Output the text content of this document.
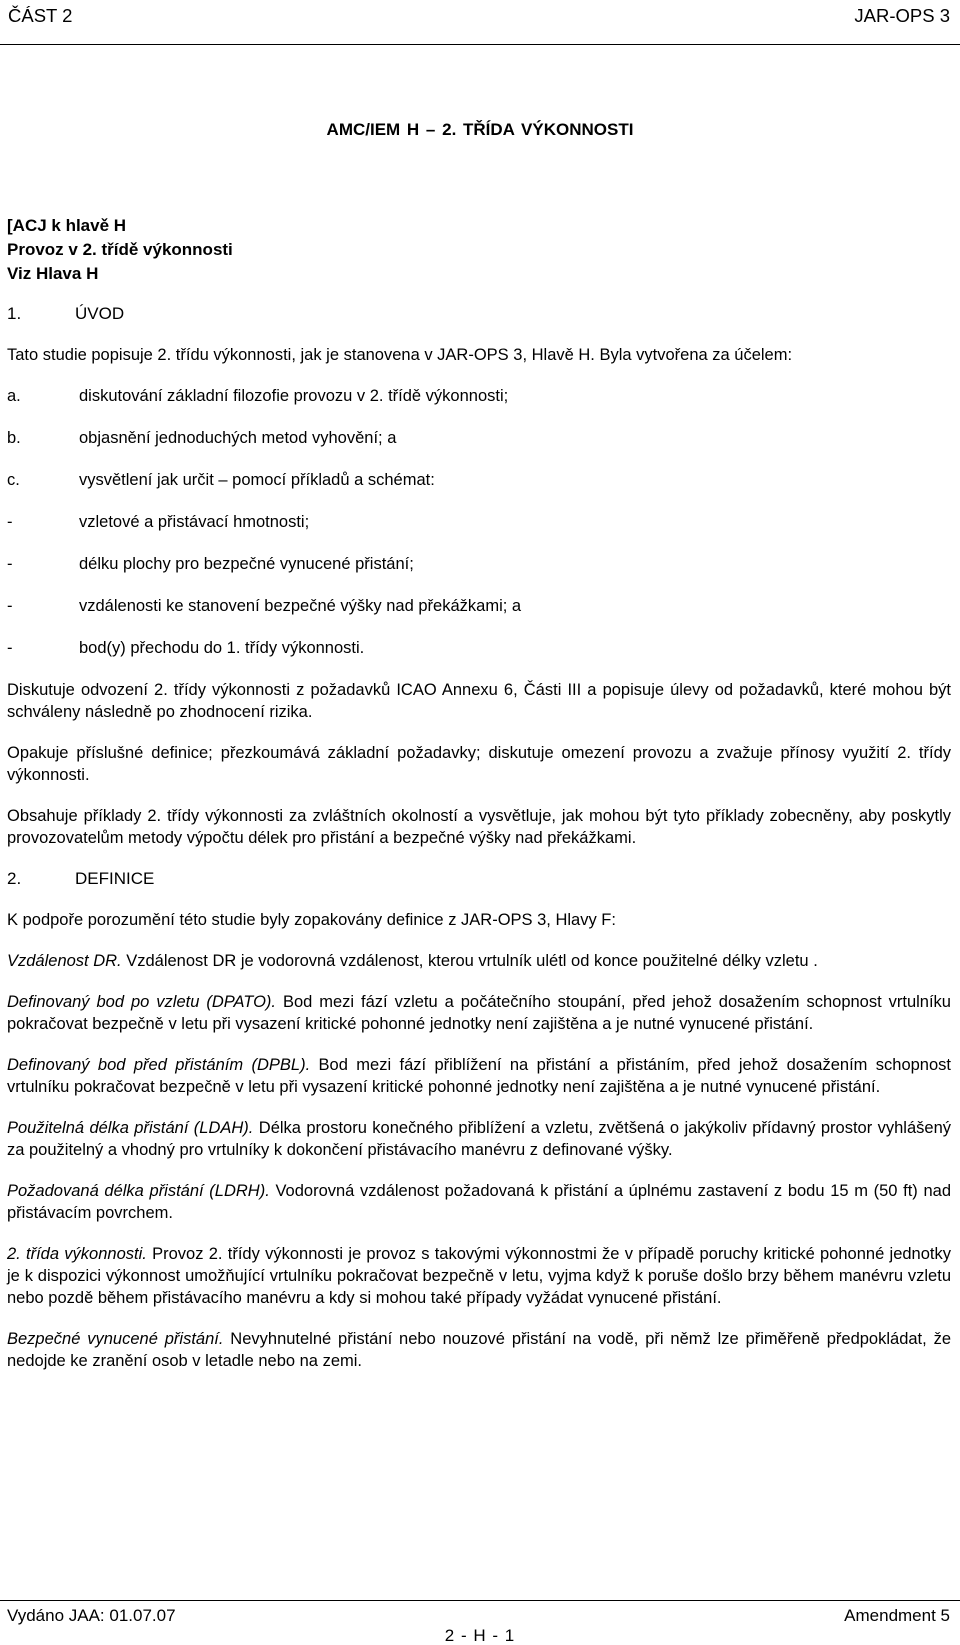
ČÁST 2	JAR-OPS 3
AMC/IEM H – 2. TŘÍDA VÝKONNOSTI
[ACJ k hlavě H
Provoz v 2. třídě výkonnosti
Viz Hlava H
1.	ÚVOD

Tato studie popisuje 2. třídu výkonnosti, jak je stanovena v JAR-OPS 3, Hlavě H. Byla vytvořena za účelem:

a.	diskutování základní filozofie provozu v 2. třídě výkonnosti;
b.	objasnění jednoduchých metod vyhovění; a
c.	vysvětlení jak určit – pomocí příkladů a schémat:
-	vzletové a přistávací hmotnosti;
-	délku plochy pro bezpečné vynucené přistání;
-	vzdálenosti ke stanovení bezpečné výšky nad překážkami; a
-	bod(y) přechodu do 1. třídy výkonnosti.

Diskutuje odvození 2. třídy výkonnosti z požadavků ICAO Annexu 6, Části III a popisuje úlevy od požadavků, které mohou být schváleny následně po zhodnocení rizika.

Opakuje příslušné definice; přezkoumává základní požadavky; diskutuje omezení provozu a zvažuje přínosy využití 2. třídy výkonnosti.

Obsahuje příklady 2. třídy výkonnosti za zvláštních okolností a vysvětluje, jak mohou být tyto příklady zobecněny, aby poskytly provozovatelům metody výpočtu délek pro přistání a bezpečné výšky nad překážkami.

2.	DEFINICE

K podpoře porozumění této studie byly zopakovány definice z JAR-OPS 3, Hlavy F:

Vzdálenost DR. Vzdálenost DR je vodorovná vzdálenost, kterou vrtulník ulétl od konce použitelné délky vzletu .

Definovaný bod po vzletu (DPATO). Bod mezi fází vzletu a počátečního stoupání, před jehož dosažením schopnost vrtulníku pokračovat bezpečně v letu při vysazení kritické pohonné jednotky není zajištěna a je nutné vynucené přistání.

Definovaný bod před přistáním (DPBL). Bod mezi fází přiblížení na přistání a přistáním, před jehož dosažením schopnost vrtulníku pokračovat bezpečně v letu při vysazení kritické pohonné jednotky není zajištěna a je nutné vynucené přistání.

Použitelná délka přistání (LDAH). Délka prostoru konečného přiblížení a vzletu, zvětšená o jakýkoliv přídavný prostor vyhlášený za použitelný a vhodný pro vrtulníky k dokončení přistávacího manévru z definované výšky.

Požadovaná délka přistání (LDRH). Vodorovná vzdálenost požadovaná k přistání a úplnému zastavení z bodu 15 m (50 ft) nad přistávacím povrchem.

2. třída výkonnosti. Provoz 2. třídy výkonnosti je provoz s takovými výkonnostmi že v případě poruchy kritické pohonné jednotky je k dispozici výkonnost umožňující vrtulníku pokračovat bezpečně v letu, vyjma když k poruše došlo brzy během manévru vzletu nebo pozdě během přistávacího manévru a kdy si mohou také případy vyžádat vynucené přistání.

Bezpečné vynucené přistání. Nevyhnutelné přistání nebo nouzové přistání na vodě, při němž lze přiměřeně předpokládat, že nedojde ke zranění osob v letadle nebo na zemi.

Vydáno JAA: 01.07.07	Amendment 5
2 - H - 1
